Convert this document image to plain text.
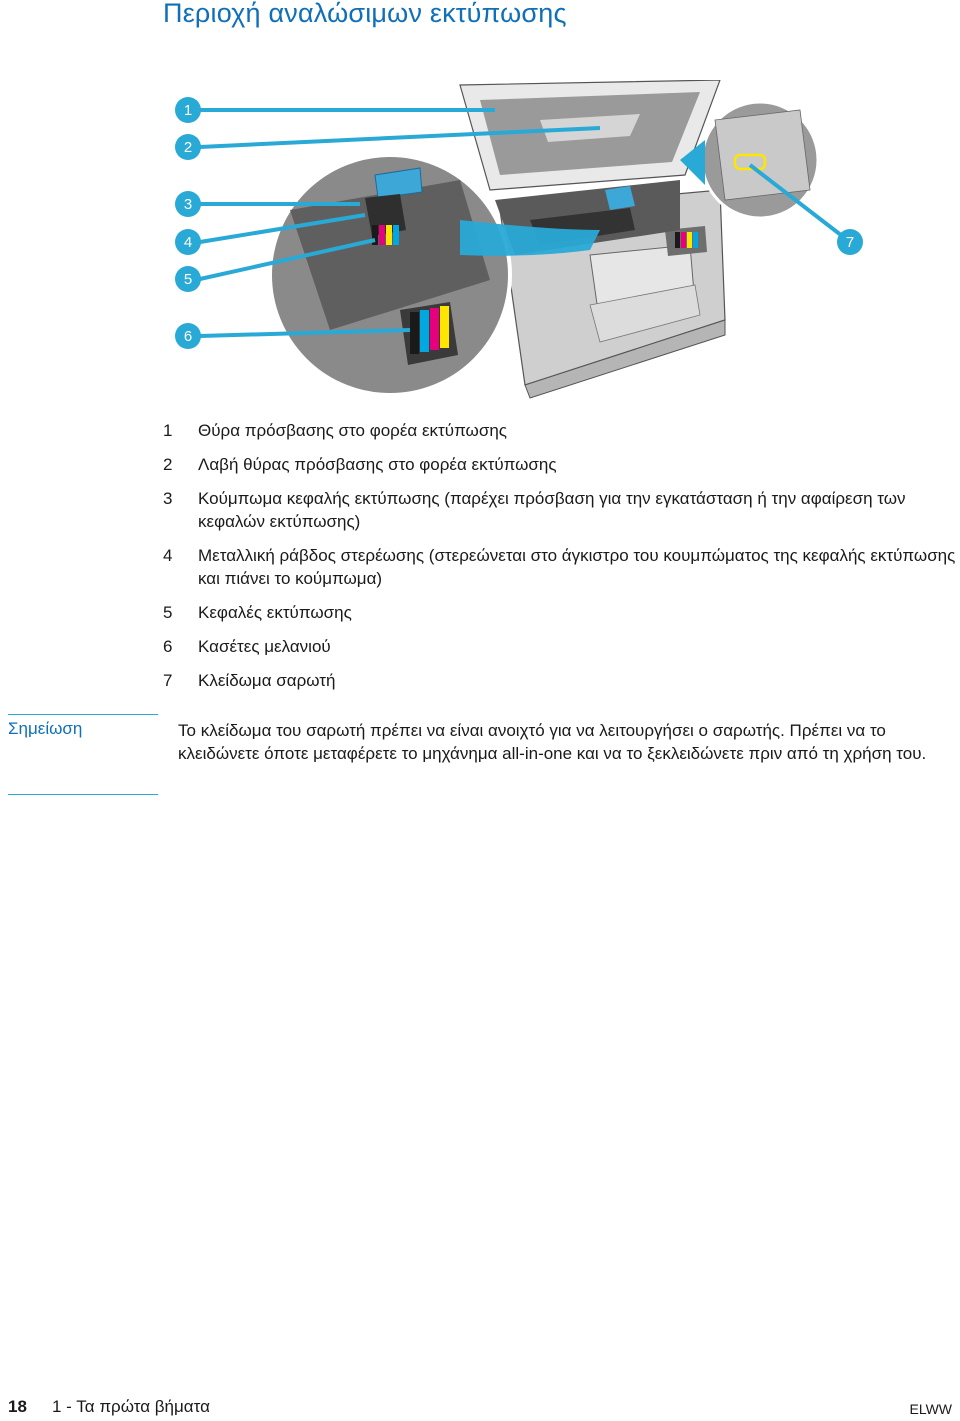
Περιοχή αναλώσιμων εκτύπωσης
1
2
3
4
5
6
7
1	Θύρα πρόσβασης στο φορέα εκτύπωσης
2	Λαβή θύρας πρόσβασης στο φορέα εκτύπωσης
3	Κούμπωμα κεφαλής εκτύπωσης (παρέχει πρόσβαση για την εγκατάσταση ή την αφαίρεση των κεφαλών εκτύπωσης)
4	Μεταλλική ράβδος στερέωσης (στερεώνεται στο άγκιστρο του κουμπώματος της κεφαλής εκτύπωσης και πιάνει το κούμπωμα)
5	Κεφαλές εκτύπωσης
6	Κασέτες μελανιού
7	Κλείδωμα σαρωτή
Σημείωση	Το κλείδωμα του σαρωτή πρέπει να είναι ανοιχτό για να λειτουργήσει ο σαρωτής. Πρέπει να το κλειδώνετε όποτε μεταφέρετε το μηχάνημα all-in-one και να το ξεκλειδώνετε πριν από τη χρήση του.
18 1 - Τα πρώτα βήματα	ELWW
